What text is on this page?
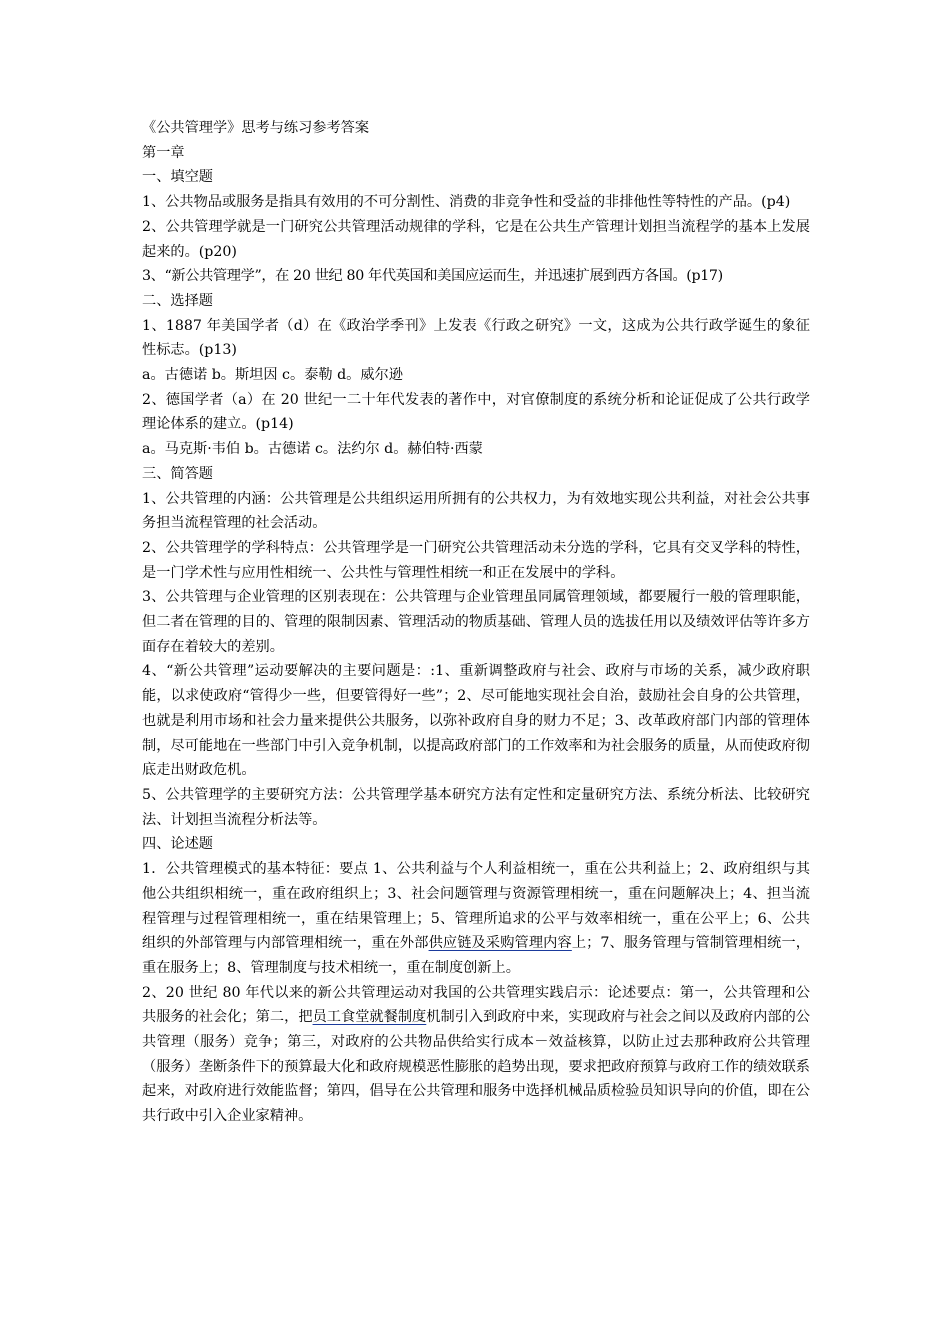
《公共管理学》思考与练习参考答案

第一章

一、填空题

1、公共物品或服务是指具有效用的不可分割性、消费的非竞争性和受益的非排他性等特性的产品。(p4)

2、公共管理学就是一门研究公共管理活动规律的学科，它是在公共生产管理计划担当流程学的基本上发展起来的。(p20)

3、“新公共管理学”，在 20 世纪 80 年代英国和美国应运而生，并迅速扩展到西方各国。(p17)

二、选择题

1、1887 年美国学者（d）在《政治学季刊》上发表《行政之研究》一文，这成为公共行政学诞生的象征性标志。(p13)

a。古德诺 b。斯坦因 c。泰勒 d。威尔逊

2、德国学者（a）在 20 世纪一二十年代发表的著作中，对官僚制度的系统分析和论证促成了公共行政学理论体系的建立。(p14)

a。马克斯·韦伯 b。古德诺 c。法约尔 d。赫伯特·西蒙

三、简答题

1、公共管理的内涵：公共管理是公共组织运用所拥有的公共权力，为有效地实现公共利益，对社会公共事务担当流程管理的社会活动。

2、公共管理学的学科特点：公共管理学是一门研究公共管理活动未分选的学科，它具有交叉学科的特性，是一门学术性与应用性相统一、公共性与管理性相统一和正在发展中的学科。

3、公共管理与企业管理的区别表现在：公共管理与企业管理虽同属管理领域，都要履行一般的管理职能，但二者在管理的目的、管理的限制因素、管理活动的物质基础、管理人员的选拔任用以及绩效评估等许多方面存在着较大的差别。

4、“新公共管理”运动要解决的主要问题是：:1、重新调整政府与社会、政府与市场的关系，减少政府职能，以求使政府“管得少一些，但要管得好一些”；2、尽可能地实现社会自治，鼓励社会自身的公共管理，也就是利用市场和社会力量来提供公共服务，以弥补政府自身的财力不足；3、改革政府部门内部的管理体制，尽可能地在一些部门中引入竞争机制，以提高政府部门的工作效率和为社会服务的质量，从而使政府彻底走出财政危机。

5、公共管理学的主要研究方法：公共管理学基本研究方法有定性和定量研究方法、系统分析法、比较研究法、计划担当流程分析法等。

四、论述题

1．公共管理模式的基本特征：要点 1、公共利益与个人利益相统一，重在公共利益上；2、政府组织与其他公共组织相统一，重在政府组织上；3、社会问题管理与资源管理相统一，重在问题解决上；4、担当流程管理与过程管理相统一，重在结果管理上；5、管理所追求的公平与效率相统一，重在公平上；6、公共组织的外部管理与内部管理相统一，重在外部供应链及采购管理内容上；7、服务管理与管制管理相统一，重在服务上；8、管理制度与技术相统一，重在制度创新上。

2、20 世纪 80 年代以来的新公共管理运动对我国的公共管理实践启示：论述要点：第一，公共管理和公共服务的社会化；第二，把员工食堂就餐制度机制引入到政府中来，实现政府与社会之间以及政府内部的公共管理（服务）竞争；第三，对政府的公共物品供给实行成本－效益核算，以防止过去那种政府公共管理（服务）垄断条件下的预算最大化和政府规模恶性膨胀的趋势出现，要求把政府预算与政府工作的绩效联系起来，对政府进行效能监督；第四，倡导在公共管理和服务中选择机械品质检验员知识导向的价值，即在公共行政中引入企业家精神。
